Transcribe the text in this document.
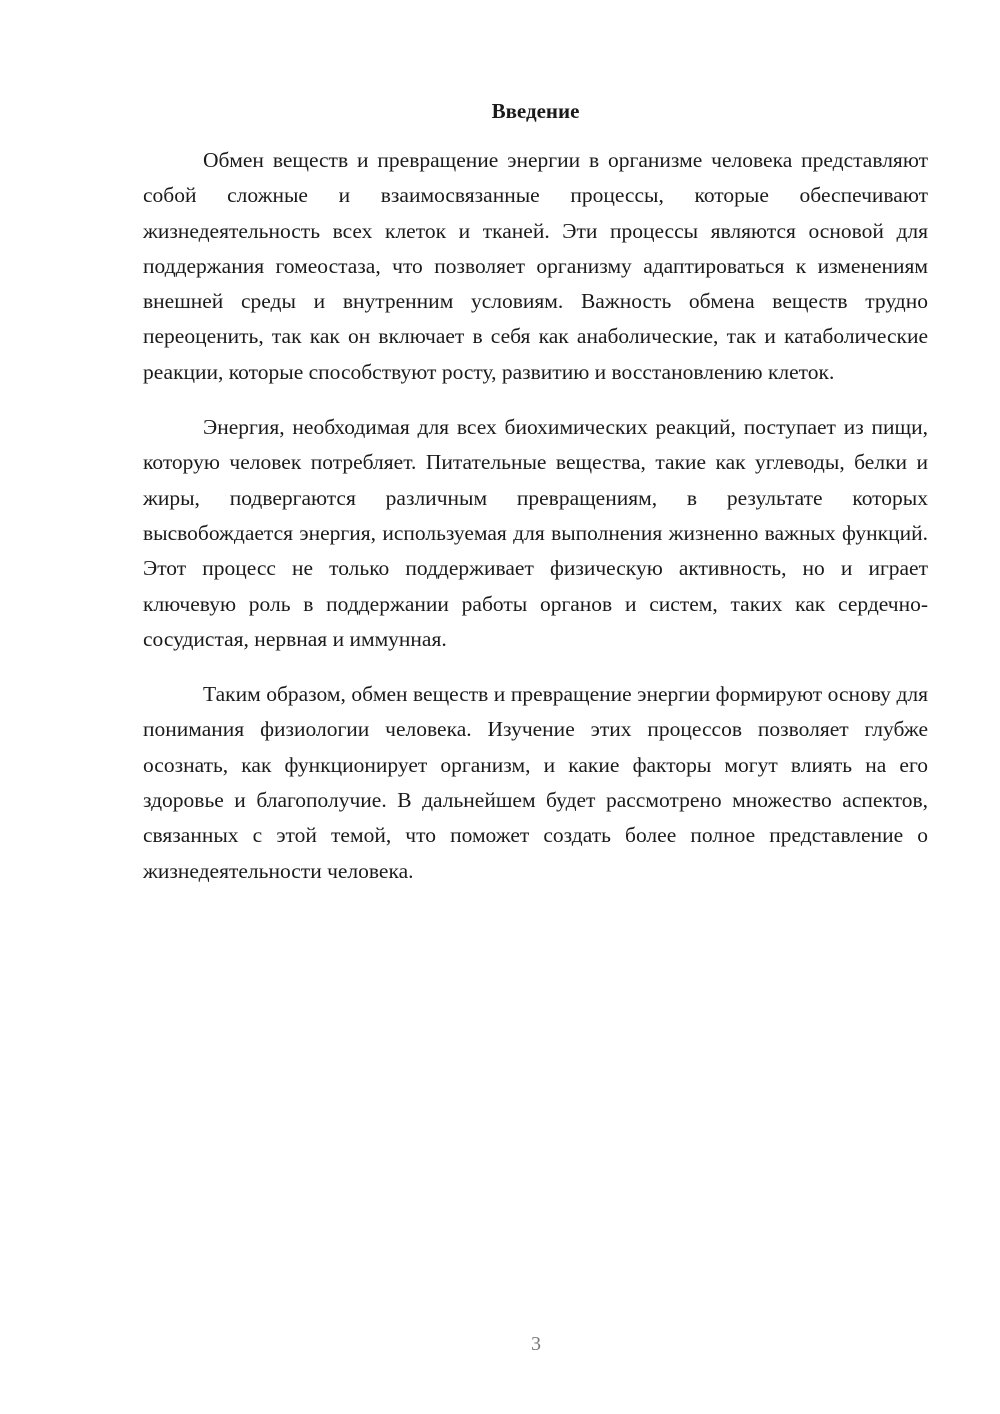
Введение

Обмен веществ и превращение энергии в организме человека представляют собой сложные и взаимосвязанные процессы, которые обеспечивают жизнедеятельность всех клеток и тканей. Эти процессы являются основой для поддержания гомеостаза, что позволяет организму адаптироваться к изменениям внешней среды и внутренним условиям. Важность обмена веществ трудно переоценить, так как он включает в себя как анаболические, так и катаболические реакции, которые способствуют росту, развитию и восстановлению клеток.

Энергия, необходимая для всех биохимических реакций, поступает из пищи, которую человек потребляет. Питательные вещества, такие как углеводы, белки и жиры, подвергаются различным превращениям, в результате которых высвобождается энергия, используемая для выполнения жизненно важных функций. Этот процесс не только поддерживает физическую активность, но и играет ключевую роль в поддержании работы органов и систем, таких как сердечно-сосудистая, нервная и иммунная.

Таким образом, обмен веществ и превращение энергии формируют основу для понимания физиологии человека. Изучение этих процессов позволяет глубже осознать, как функционирует организм, и какие факторы могут влиять на его здоровье и благополучие. В дальнейшем будет рассмотрено множество аспектов, связанных с этой темой, что поможет создать более полное представление о жизнедеятельности человека.

3
